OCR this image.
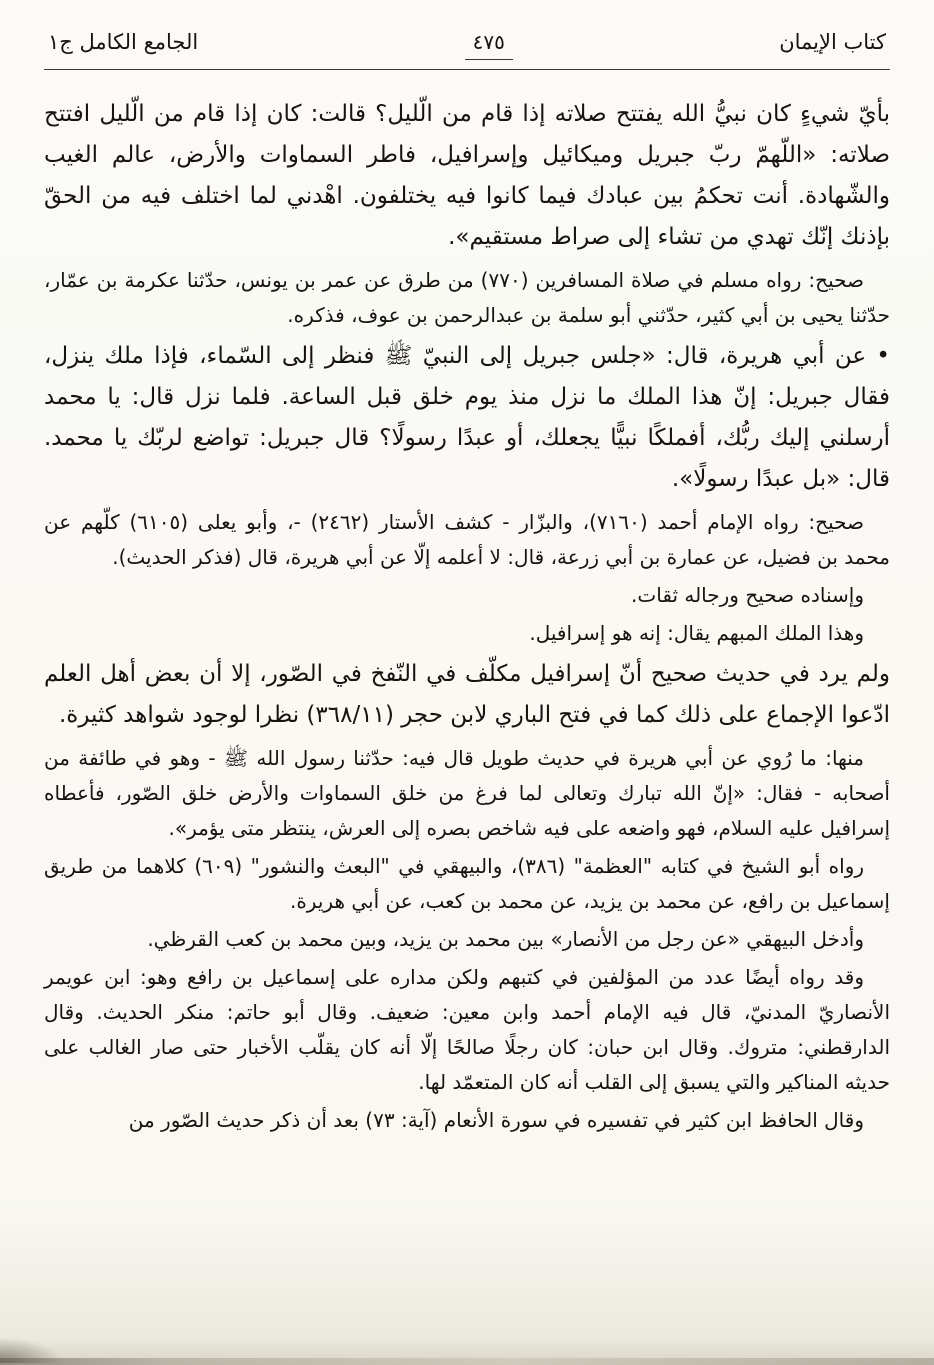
كتاب الإيمان
٤٧٥
الجامع الكامل ج١

بأيّ شيءٍ كان نبيُّ الله يفتتح صلاته إذا قام من الّليل؟ قالت: كان إذا قام من الّليل افتتح صلاته: «اللّهمّ ربّ جبريل وميكائيل وإسرافيل، فاطر السماوات والأرض، عالم الغيب والشّهادة. أنت تحكمُ بين عبادك فيما كانوا فيه يختلفون. اهْدني لما اختلف فيه من الحقّ بإذنك إنّك تهدي من تشاء إلى صراط مستقيم».

صحيح: رواه مسلم في صلاة المسافرين (٧٧٠) من طرق عن عمر بن يونس، حدّثنا عكرمة بن عمّار، حدّثنا يحيى بن أبي كثير، حدّثني أبو سلمة بن عبدالرحمن بن عوف، فذكره.

• عن أبي هريرة، قال: «جلس جبريل إلى النبيّ ﷺ فنظر إلى السّماء، فإذا ملك ينزل، فقال جبريل: إنّ هذا الملك ما نزل منذ يوم خلق قبل الساعة. فلما نزل قال: يا محمد أرسلني إليك ربُّك، أفملكًا نبيًّا يجعلك، أو عبدًا رسولًا؟ قال جبريل: تواضع لربّك يا محمد. قال: «بل عبدًا رسولًا».

صحيح: رواه الإمام أحمد (٧١٦٠)، والبزّار - كشف الأستار (٢٤٦٢) -، وأبو يعلى (٦١٠٥) كلّهم عن محمد بن فضيل، عن عمارة بن أبي زرعة، قال: لا أعلمه إلّا عن أبي هريرة، قال (فذكر الحديث).

وإسناده صحيح ورجاله ثقات.

وهذا الملك المبهم يقال: إنه هو إسرافيل.

ولم يرد في حديث صحيح أنّ إسرافيل مكلّف في النّفخ في الصّور، إلا أن بعض أهل العلم ادّعوا الإجماع على ذلك كما في فتح الباري لابن حجر (٣٦٨/١١) نظرا لوجود شواهد كثيرة.

منها: ما رُوي عن أبي هريرة في حديث طويل قال فيه: حدّثنا رسول الله ﷺ - وهو في طائفة من أصحابه - فقال: «إنّ الله تبارك وتعالى لما فرغ من خلق السماوات والأرض خلق الصّور، فأعطاه إسرافيل عليه السلام، فهو واضعه على فيه شاخص بصره إلى العرش، ينتظر متى يؤمر».

رواه أبو الشيخ في كتابه "العظمة" (٣٨٦)، والبيهقي في "البعث والنشور" (٦٠٩) كلاهما من طريق إسماعيل بن رافع، عن محمد بن يزيد، عن محمد بن كعب، عن أبي هريرة.

وأدخل البيهقي «عن رجل من الأنصار» بين محمد بن يزيد، وبين محمد بن كعب القرظي.

وقد رواه أيضًا عدد من المؤلفين في كتبهم ولكن مداره على إسماعيل بن رافع وهو: ابن عويمر الأنصاريّ المدنيّ، قال فيه الإمام أحمد وابن معين: ضعيف. وقال أبو حاتم: منكر الحديث. وقال الدارقطني: متروك. وقال ابن حبان: كان رجلًا صالحًا إلّا أنه كان يقلّب الأخبار حتى صار الغالب على حديثه المناكير والتي يسبق إلى القلب أنه كان المتعمّد لها.

وقال الحافظ ابن كثير في تفسيره في سورة الأنعام (آية: ٧٣) بعد أن ذكر حديث الصّور من
